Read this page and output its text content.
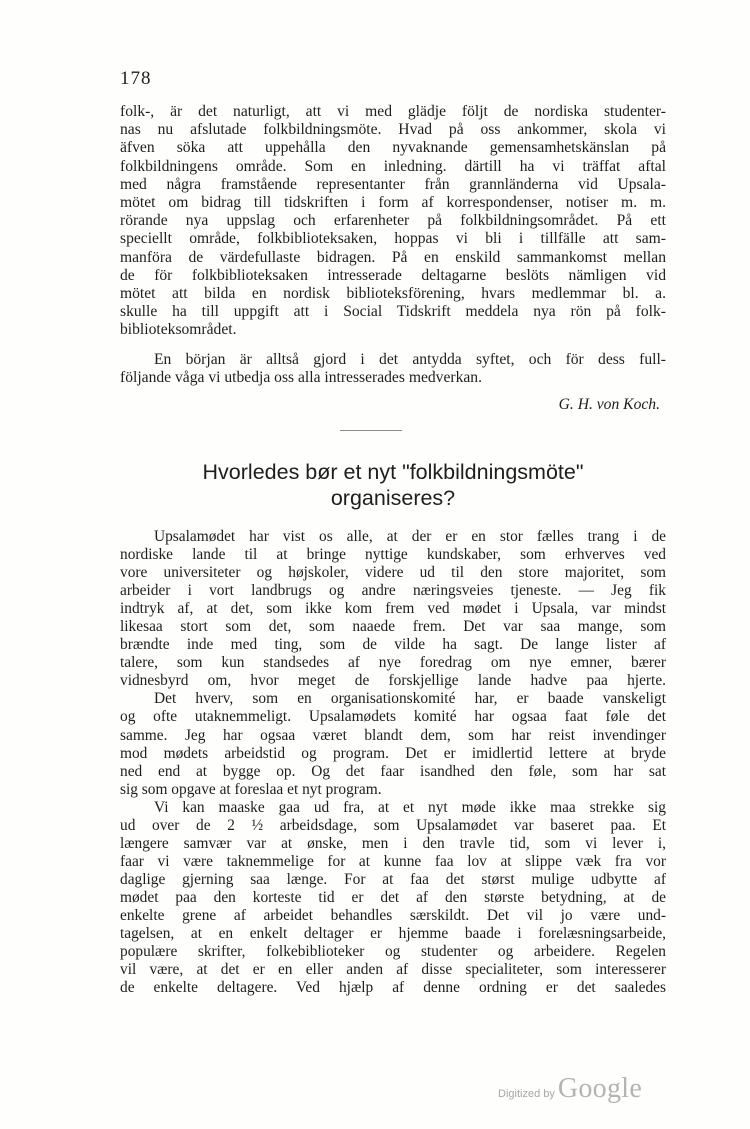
178
folk-, är det naturligt, att vi med glädje följt de nordiska studenter-
nas nu afslutade folkbildningsmöte. Hvad på oss ankommer, skola vi
äfven söka att uppehålla den nyvaknande gemensamhetskänslan på
folkbildningens område. Som en inledning. därtill ha vi träffat aftal
med några framstående representanter från grannländerna vid Upsala-
mötet om bidrag till tidskriften i form af korrespondenser, notiser m. m.
rörande nya uppslag och erfarenheter på folkbildningsområdet. På ett
speciellt område, folkbiblioteksaken, hoppas vi bli i tillfälle att sam-
manföra de värdefullaste bidragen. På en enskild sammankomst mellan
de för folkbiblioteksaken intresserade deltagarne beslöts nämligen vid
mötet att bilda en nordisk biblioteksförening, hvars medlemmar bl. a.
skulle ha till uppgift att i Social Tidskrift meddela nya rön på folk-
biblioteksområdet.
En början är alltså gjord i det antydda syftet, och för dess full-
följande våga vi utbedja oss alla intresserades medverkan.
G. H. von Koch.
Hvorledes bør et nyt "folkbildningsmöte"
organiseres?
Upsalamødet har vist os alle, at der er en stor fælles trang i de
nordiske lande til at bringe nyttige kundskaber, som erhverves ved
vore universiteter og højskoler, videre ud til den store majoritet, som
arbeider i vort landbrugs og andre næringsveies tjeneste. — Jeg fik
indtryk af, at det, som ikke kom frem ved mødet i Upsala, var mindst
likesaa stort som det, som naaede frem. Det var saa mange, som
brændte inde med ting, som de vilde ha sagt. De lange lister af
talere, som kun standsedes af nye foredrag om nye emner, bærer
vidnesbyrd om, hvor meget de forskjellige lande hadve paa hjerte.
Det hverv, som en organisationskomité har, er baade vanskeligt
og ofte utaknemmeligt. Upsalamødets komité har ogsaa faat føle det
samme. Jeg har ogsaa været blandt dem, som har reist invendinger
mod mødets arbeidstid og program. Det er imidlertid lettere at bryde
ned end at bygge op. Og det faar isandhed den føle, som har sat
sig som opgave at foreslaa et nyt program.
Vi kan maaske gaa ud fra, at et nyt møde ikke maa strekke sig
ud over de 2 ½ arbeidsdage, som Upsalamødet var baseret paa. Et
længere samvær var at ønske, men i den travle tid, som vi lever i,
faar vi være taknemmelige for at kunne faa lov at slippe væk fra vor
daglige gjerning saa længe. For at faa det størst mulige udbytte af
mødet paa den korteste tid er det af den største betydning, at de
enkelte grene af arbeidet behandles særskildt. Det vil jo være und-
tagelsen, at en enkelt deltager er hjemme baade i forelæsningsarbeide,
populære skrifter, folkebiblioteker og studenter og arbeidere. Regelen
vil være, at det er en eller anden af disse specialiteter, som interesserer
de enkelte deltagere. Ved hjælp af denne ordning er det saaledes
Digitized by Google
